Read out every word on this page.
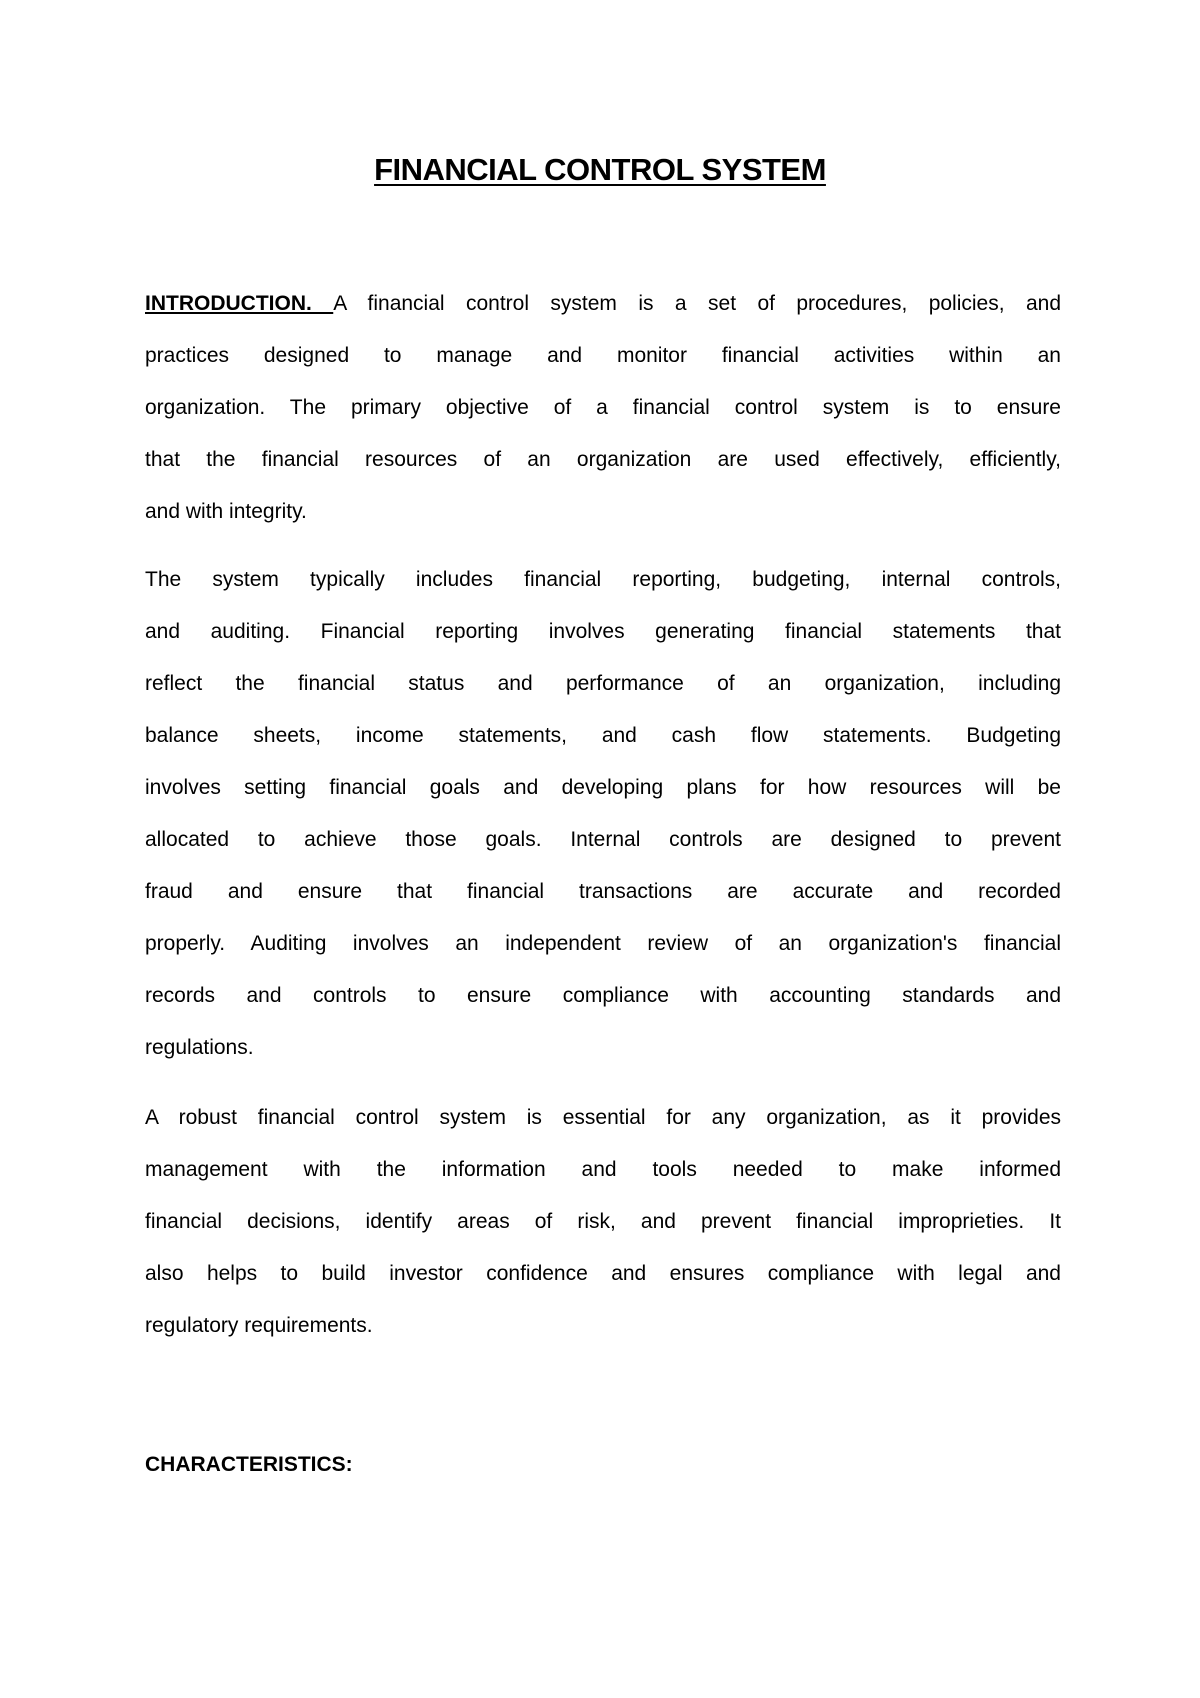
FINANCIAL CONTROL SYSTEM
INTRODUCTION. A financial control system is a set of procedures, policies, and
practices designed to manage and monitor financial activities within an
organization. The primary objective of a financial control system is to ensure
that the financial resources of an organization are used effectively, efficiently,
and with integrity.
The system typically includes financial reporting, budgeting, internal controls,
and auditing. Financial reporting involves generating financial statements that
reflect the financial status and performance of an organization, including
balance sheets, income statements, and cash flow statements. Budgeting
involves setting financial goals and developing plans for how resources will be
allocated to achieve those goals. Internal controls are designed to prevent
fraud and ensure that financial transactions are accurate and recorded
properly. Auditing involves an independent review of an organization's financial
records and controls to ensure compliance with accounting standards and
regulations.
A robust financial control system is essential for any organization, as it provides
management with the information and tools needed to make informed
financial decisions, identify areas of risk, and prevent financial improprieties. It
also helps to build investor confidence and ensures compliance with legal and
regulatory requirements.
CHARACTERISTICS:
